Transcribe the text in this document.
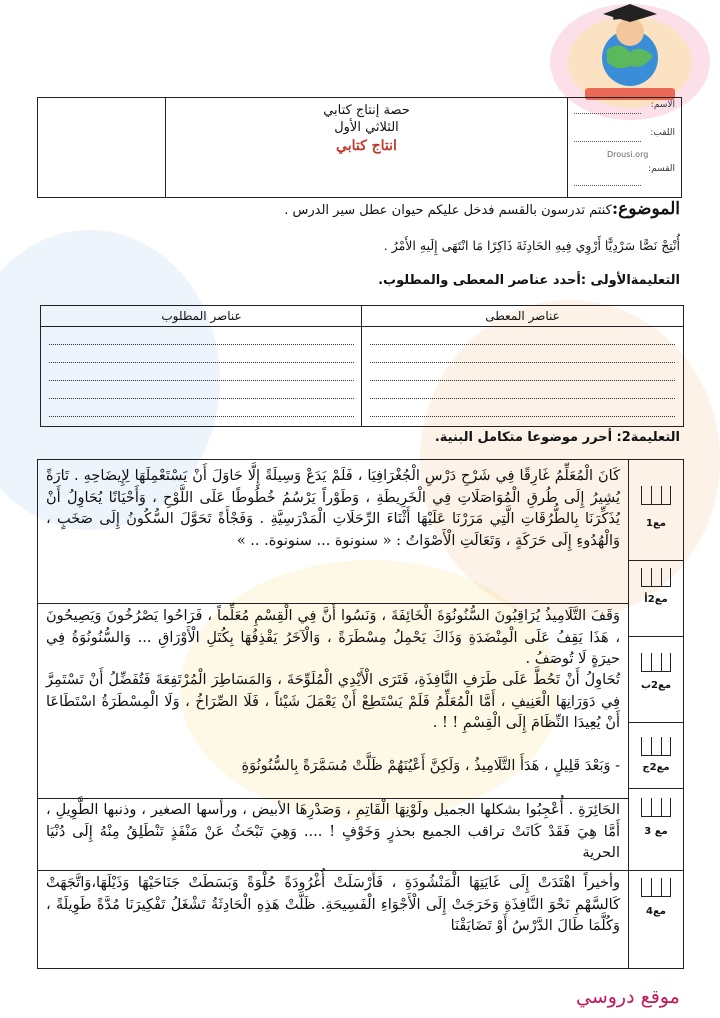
Drousi.org
حصة إنتاج كتابي
الثلاثي الأول
انتاج كتابي
الاسم:
اللقب:
القسم:
الموضوع:كنتم تدرسون بالقسم فدخل عليكم حيوان عطل سير الدرس .
أُنْتِجْ نَصًّا سَرْدِيًّا أَرْوِي فِيهِ الحَادِثَةَ ذَاكِرًا مَا انْتَهَى إِلَيهِ الأَمْرُ .
التعليمةالأولى :أحدد عناصر المعطى والمطلوب.
عناصر المعطى
عناصر المطلوب
التعليمة2: أحرر موضوعا متكامل البنية.
مع1
مع2أ
مع2ب
مع2ج
مع 3
مع4
كَانَ الْمُعَلِّمُ غَارِقًا فِي شَرْحِ دَرْسِ الْجُغْرَافِيَا ، فَلَمْ يَدَعْ وَسِيلَةً إِلَّا حَاوَلَ أَنْ يَسْتَعْمِلَهَا لِإِيضَاحِهِ . تَارَةً يُشِيرُ إِلَى طُرقِ الْمُوَاصَلَاتِ فِي الْخَرِيطَةِ ، وَطَوْراً يَرْسُمُ خُطُوطًا عَلَى اللَّوْحِ ، وَأَحْيَانًا يُحَاوِلُ أَنْ يُذَكِّرَنَا بِالطُّرُقَاتِ الَّتِي مَرَرْنَا عَلَيْهَا أَثْنَاءَ الرِّحَلَاتِ الْمَدْرَسِيَّةِ . وَفَجْأَةً تَحَوَّلَ السُّكُونُ إِلَى صَخَبٍ ، وَالْهُدُوءِ إِلَى حَرَكَةٍ ، وَتَعَالَتِ الْأَصْوَاتُ : « سنونوة ... سنونوة. .. »
وَقَفَ التَّلَامِيذُ يُرَاقِبُونَ السُّنُونُوَةَ الْخَائِفَةَ ، وَنَسُوا أَنَّ فِي الْقِسْمِ مُعَلِّماً ، فَرَاحُوا يَصْرُخُونَ وَيَصِيحُونَ ، هَذَا يَقِفُ عَلَى الْمِنْضَدَةِ وَذَاكَ يَحْمِلُ مِسْطَرَةً ، وَالْآخَرُ يَقْذِفُهَا بِكُتَلِ الْأَوْرَاقِ ... وَالسُّنُونُوَةُ فِي حيرَةٍ لَا تُوصَفُ .
تُحَاوِلُ أَنْ تَحُطَّ عَلَى طَرَفِ النَّافِذَةِ، فَتَرَى الْأَيْدِي الْمُلَوِّحَةَ ، وَالمَسَاطِرَ الْمُرْتَفِعَةَ فَتُفَضِّلُ أَنْ تَسْتَمِرَّ فِي دَوَرَانِهَا الْعَنِيفِ ، أَمَّا الْمُعَلِّمُ فَلَمْ يَسْتَطِعْ أَنْ يَعْمَلَ شَيْئاً ، فَلَا الصِّرَاخُ ، وَلَا الْمِسْطَرَةُ اسْتَطَاعَا أَنْ يُعِيدَا النِّظَامَ إِلَى الْقِسْمِ ! ! .
- وَبَعْدَ قَلِيلٍ ، هَدَأَ التَّلَامِيذُ ، وَلَكِنَّ أَعْيُنَهُمْ ظَلَّتْ مُسَمَّرَةً بِالسُّنُونُوَةِ
الحَائِرَةِ . أُعْجِبُوا بشكلها الجميل ولَوْنِهَا الْقَاتِمِ ، وَصَدْرِهَا الأبيض ، ورأسها الصغير ، وذنبها الطَّوِيلِ ، أَمَّا هِيَ فَقَدْ كَانَتْ تراقب الجميع بحذرٍ وَخَوْفٍ ! .... وَهِيَ تَبْحَثُ عَنْ مَنْفَذٍ تَنْطَلِقُ مِنْهُ إِلَى دُنْيَا الحرية
وأخيراً اهْتَدَتْ إِلَى غَايَتِهَا الْمَنْشُودَةِ ، فَأَرْسَلَتْ أُغْرُودَةً حُلْوَةً وَبَسَطَتْ جَنَاحَيْهَا وَذَيْلَهَا،وَاتَّجَهَتْ كَالسَّهْمِ نَحْوَ النَّافِذَةِ وَخَرَجَتْ إِلَى الْأَجْوَاءِ الْفَسِيحَةِ. ظَلَّتْ هَذِهِ الْحَادِثَةُ تَشْغَلُ تَفْكِيرَنَا مُدَّةً طَوِيلَةً ، وَكُلَّمَا طَالَ الدَّرْسُ أَوْ تَضَايَقْنَا
موقع دروسي
